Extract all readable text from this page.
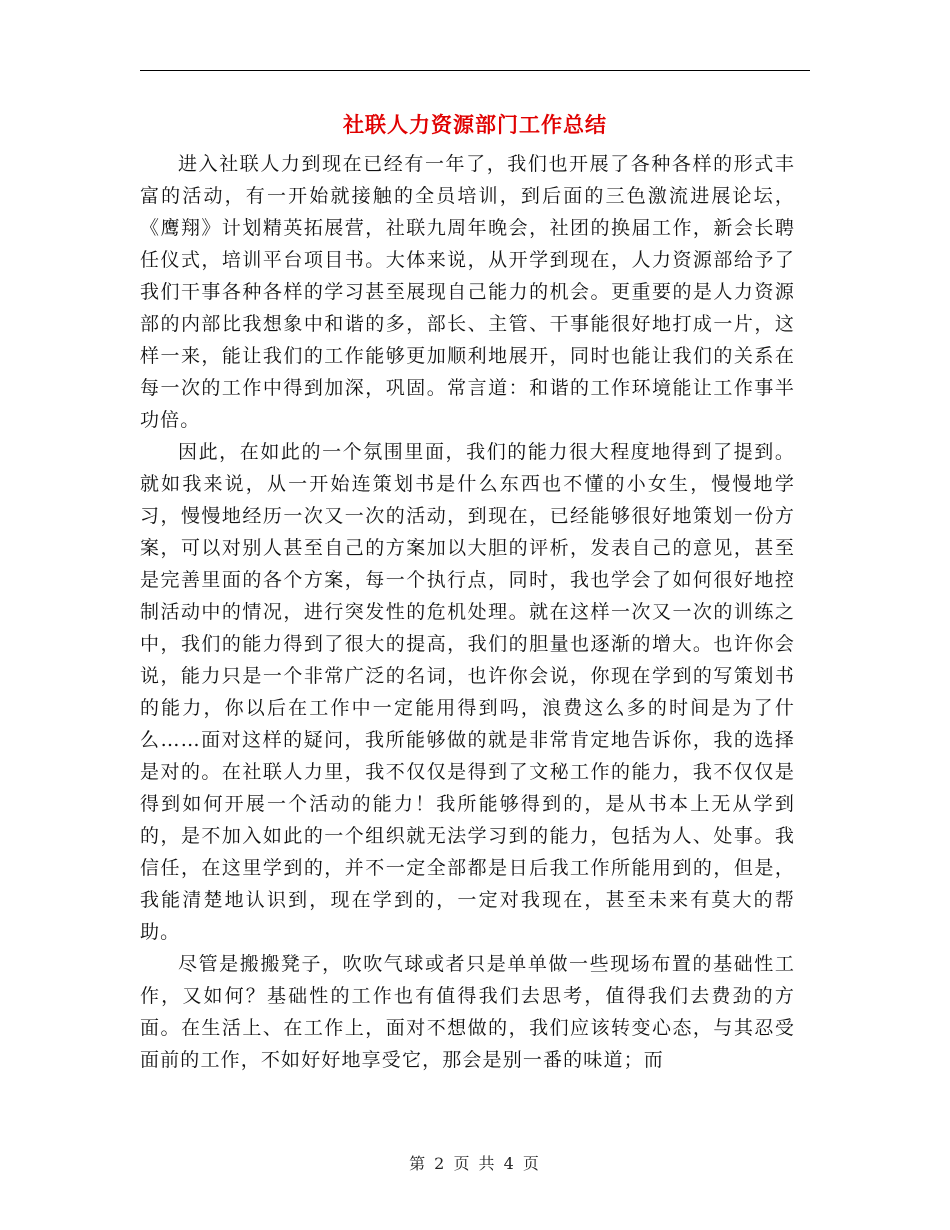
社联人力资源部门工作总结

进入社联人力到现在已经有一年了，我们也开展了各种各样的形式丰富的活动，有一开始就接触的全员培训，到后面的三色激流进展论坛，《鹰翔》计划精英拓展营，社联九周年晚会，社团的换届工作，新会长聘任仪式，培训平台项目书。大体来说，从开学到现在，人力资源部给予了我们干事各种各样的学习甚至展现自己能力的机会。更重要的是人力资源部的内部比我想象中和谐的多，部长、主管、干事能很好地打成一片，这样一来，能让我们的工作能够更加顺利地展开，同时也能让我们的关系在每一次的工作中得到加深，巩固。常言道：和谐的工作环境能让工作事半功倍。

因此，在如此的一个氛围里面，我们的能力很大程度地得到了提到。就如我来说，从一开始连策划书是什么东西也不懂的小女生，慢慢地学习，慢慢地经历一次又一次的活动，到现在，已经能够很好地策划一份方案，可以对别人甚至自己的方案加以大胆的评析，发表自己的意见，甚至是完善里面的各个方案，每一个执行点，同时，我也学会了如何很好地控制活动中的情况，进行突发性的危机处理。就在这样一次又一次的训练之中，我们的能力得到了很大的提高，我们的胆量也逐渐的增大。也许你会说，能力只是一个非常广泛的名词，也许你会说，你现在学到的写策划书的能力，你以后在工作中一定能用得到吗，浪费这么多的时间是为了什么……面对这样的疑问，我所能够做的就是非常肯定地告诉你，我的选择是对的。在社联人力里，我不仅仅是得到了文秘工作的能力，我不仅仅是得到如何开展一个活动的能力！我所能够得到的，是从书本上无从学到的，是不加入如此的一个组织就无法学习到的能力，包括为人、处事。我信任，在这里学到的，并不一定全部都是日后我工作所能用到的，但是，我能清楚地认识到，现在学到的，一定对我现在，甚至未来有莫大的帮助。

尽管是搬搬凳子，吹吹气球或者只是单单做一些现场布置的基础性工作，又如何？基础性的工作也有值得我们去思考，值得我们去费劲的方面。在生活上、在工作上，面对不想做的，我们应该转变心态，与其忍受面前的工作，不如好好地享受它，那会是别一番的味道；而

第 2 页 共 4 页
